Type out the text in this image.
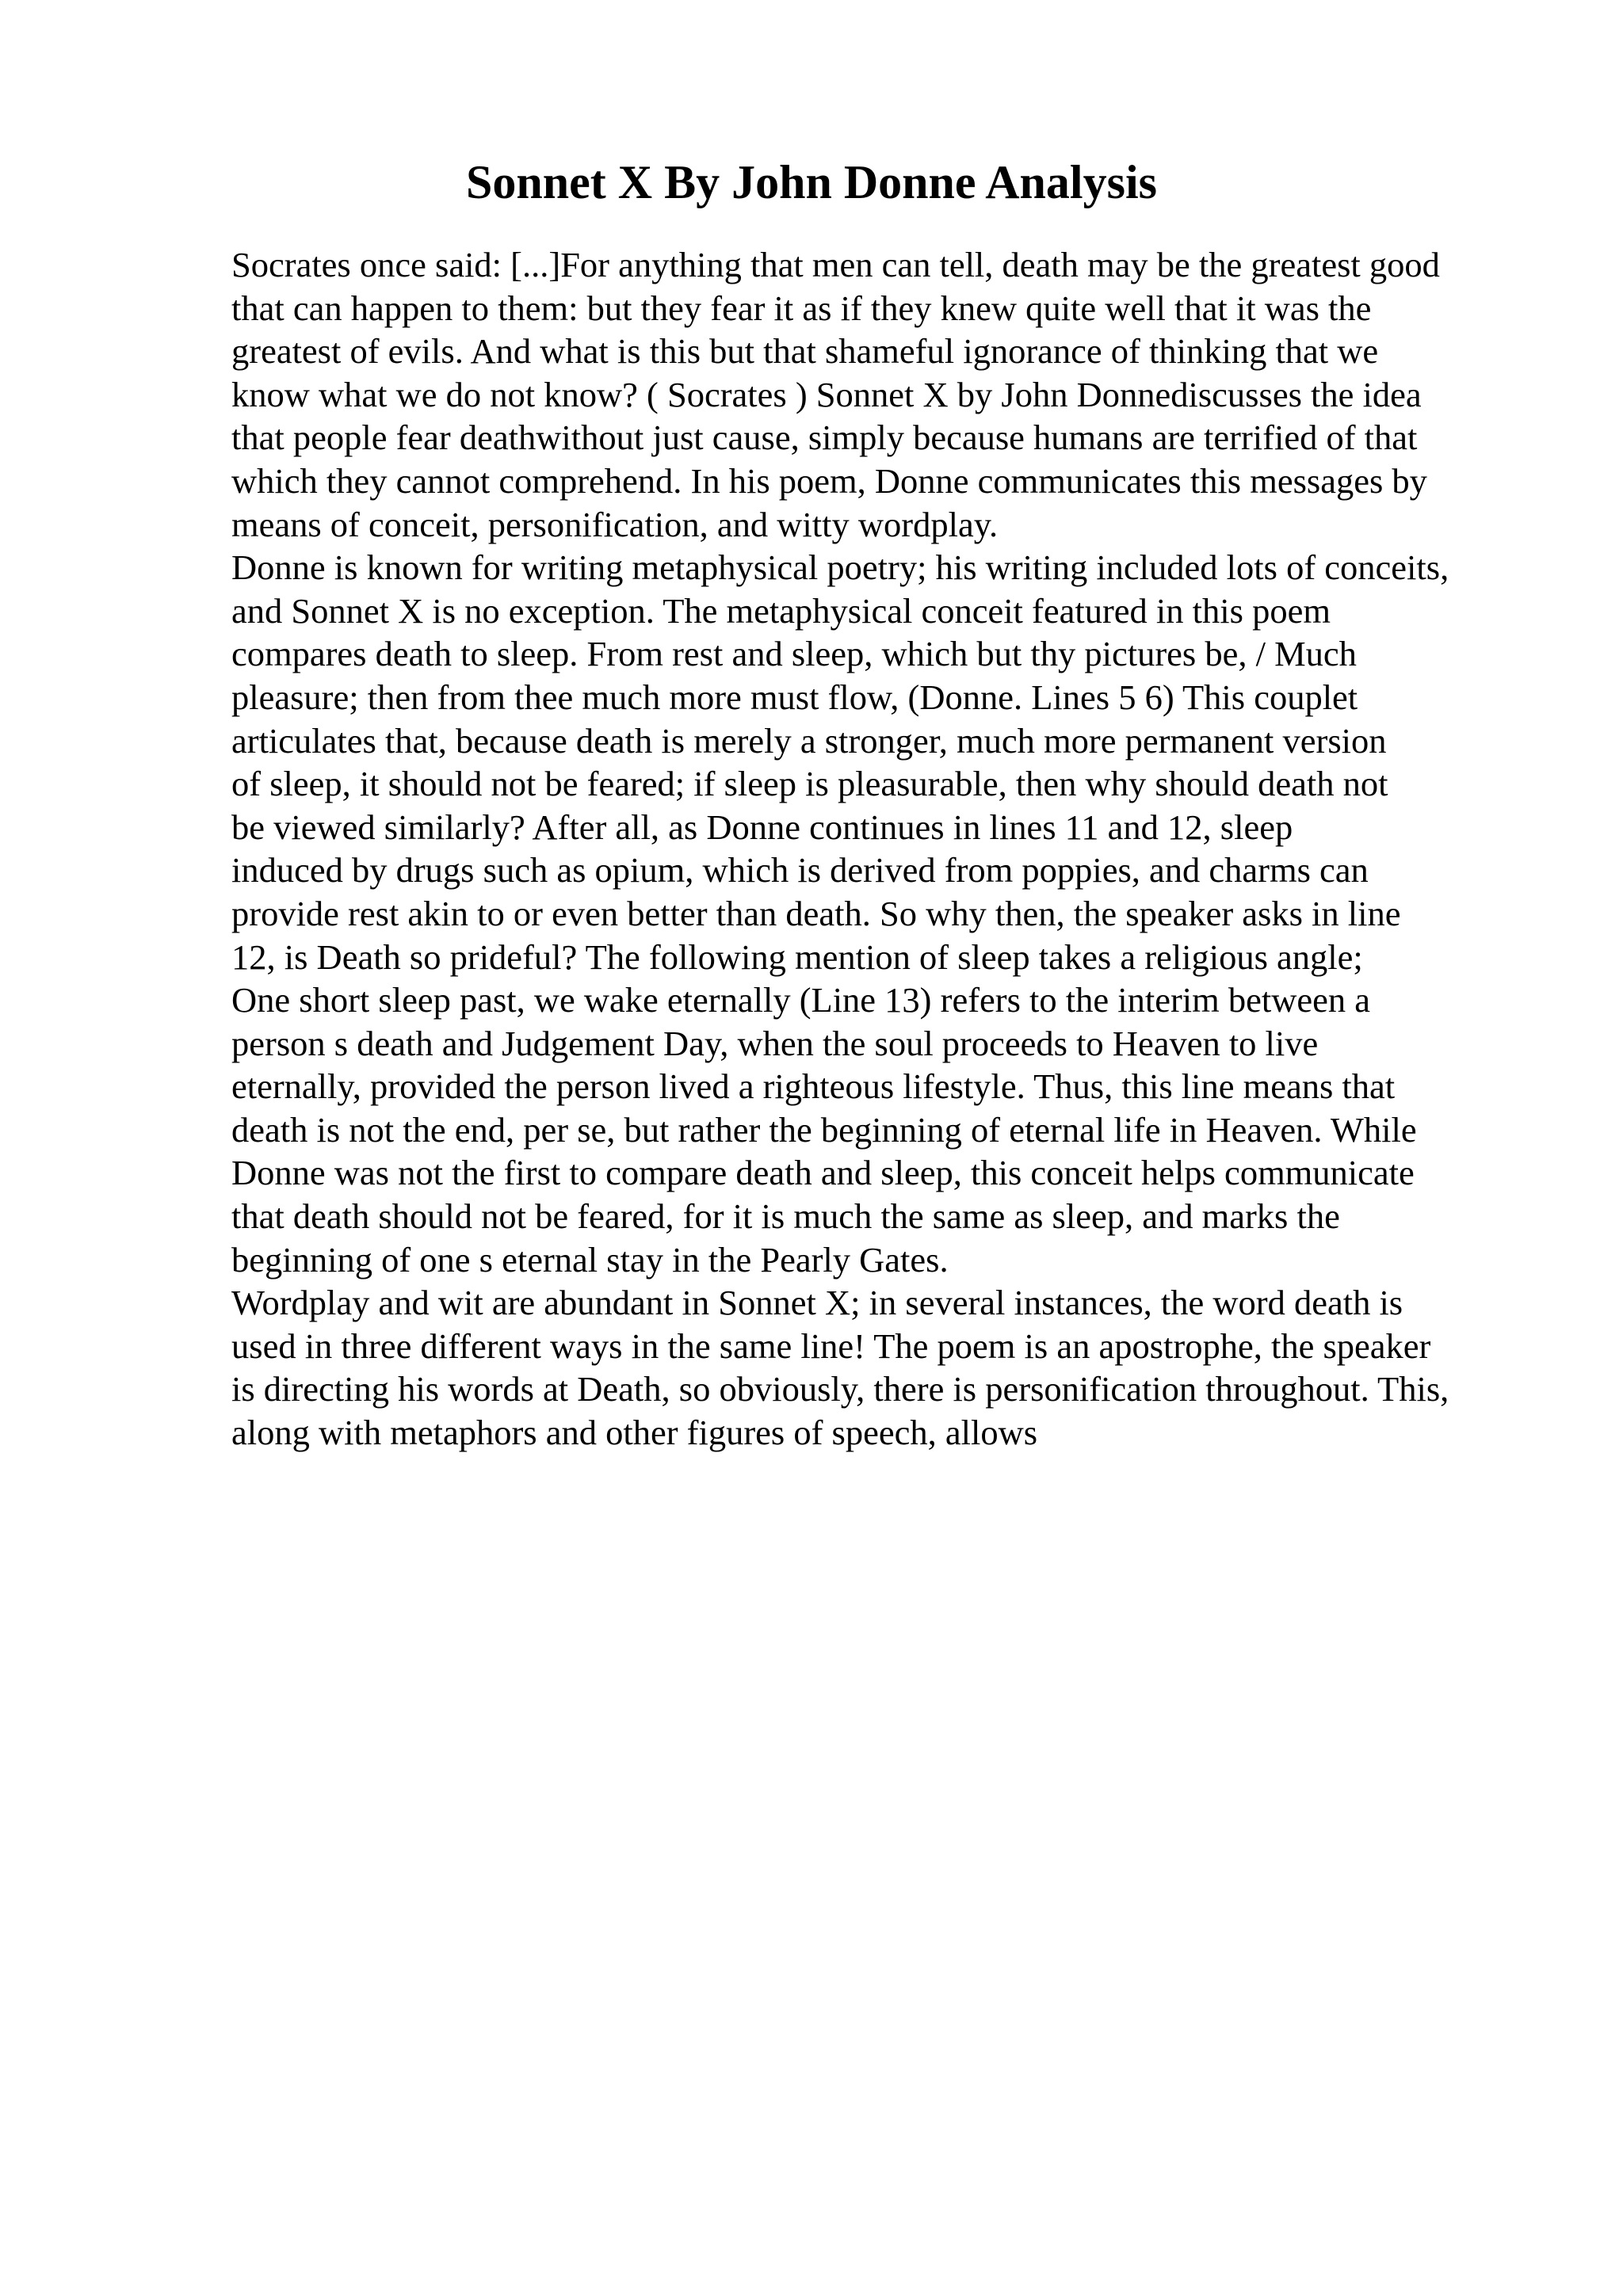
Sonnet X By John Donne Analysis
Socrates once said: [...]For anything that men can tell, death may be the greatest good
that can happen to them: but they fear it as if they knew quite well that it was the
greatest of evils. And what is this but that shameful ignorance of thinking that we
know what we do not know? ( Socrates ) Sonnet X by John Donnediscusses the idea
that people fear deathwithout just cause, simply because humans are terrified of that
which they cannot comprehend. In his poem, Donne communicates this messages by
means of conceit, personification, and witty wordplay.
Donne is known for writing metaphysical poetry; his writing included lots of conceits,
and Sonnet X is no exception. The metaphysical conceit featured in this poem
compares death to sleep. From rest and sleep, which but thy pictures be, / Much
pleasure; then from thee much more must flow, (Donne. Lines 5 6) This couplet
articulates that, because death is merely a stronger, much more permanent version
of sleep, it should not be feared; if sleep is pleasurable, then why should death not
be viewed similarly? After all, as Donne continues in lines 11 and 12, sleep
induced by drugs such as opium, which is derived from poppies, and charms can
provide rest akin to or even better than death. So why then, the speaker asks in line
12, is Death so prideful? The following mention of sleep takes a religious angle;
One short sleep past, we wake eternally (Line 13) refers to the interim between a
person s death and Judgement Day, when the soul proceeds to Heaven to live
eternally, provided the person lived a righteous lifestyle. Thus, this line means that
death is not the end, per se, but rather the beginning of eternal life in Heaven. While
Donne was not the first to compare death and sleep, this conceit helps communicate
that death should not be feared, for it is much the same as sleep, and marks the
beginning of one s eternal stay in the Pearly Gates.
Wordplay and wit are abundant in Sonnet X; in several instances, the word death is
used in three different ways in the same line! The poem is an apostrophe, the speaker
is directing his words at Death, so obviously, there is personification throughout. This,
along with metaphors and other figures of speech, allows
